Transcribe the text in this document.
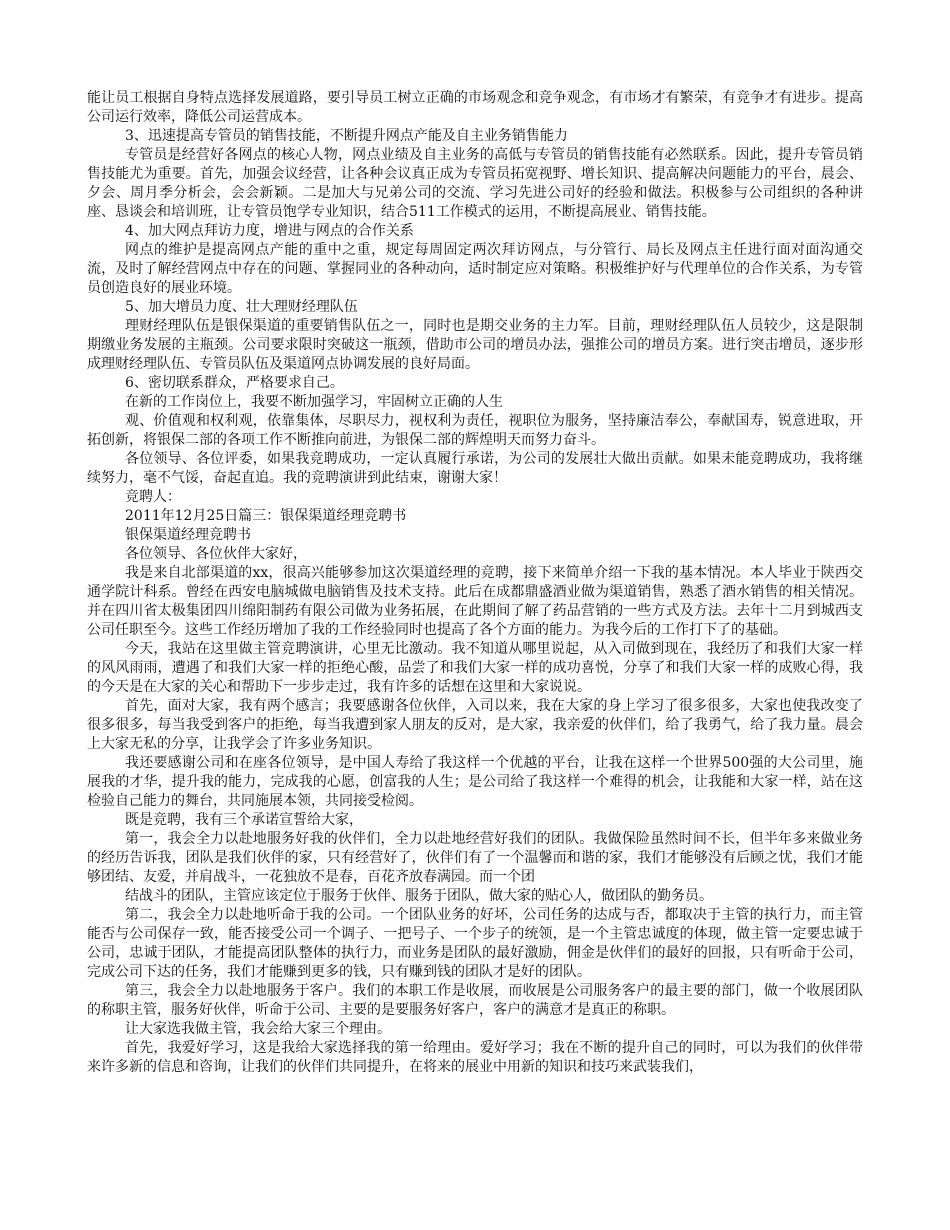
能让员工根据自身特点选择发展道路，要引导员工树立正确的市场观念和竞争观念，有市场才有繁荣，有竞争才有进步。提高公司运行效率，降低公司运营成本。

3、迅速提高专管员的销售技能，不断提升网点产能及自主业务销售能力

专管员是经营好各网点的核心人物，网点业绩及自主业务的高低与专管员的销售技能有必然联系。因此，提升专管员销售技能尤为重要。首先，加强会议经营，让各种会议真正成为专管员拓宽视野、增长知识、提高解决问题能力的平台，晨会、夕会、周月季分析会，会会新颖。二是加大与兄弟公司的交流、学习先进公司好的经验和做法。积极参与公司组织的各种讲座、恳谈会和培训班，让专管员饱学专业知识，结合511工作模式的运用，不断提高展业、销售技能。

4、加大网点拜访力度，增进与网点的合作关系

网点的维护是提高网点产能的重中之重，规定每周固定两次拜访网点，与分管行、局长及网点主任进行面对面沟通交流，及时了解经营网点中存在的问题、掌握同业的各种动向，适时制定应对策略。积极维护好与代理单位的合作关系，为专管员创造良好的展业环境。

5、加大增员力度、壮大理财经理队伍

理财经理队伍是银保渠道的重要销售队伍之一，同时也是期交业务的主力军。目前，理财经理队伍人员较少，这是限制期缴业务发展的主瓶颈。公司要求限时突破这一瓶颈，借助市公司的增员办法，强推公司的增员方案。进行突击增员，逐步形成理财经理队伍、专管员队伍及渠道网点协调发展的良好局面。

6、密切联系群众，严格要求自己。

在新的工作岗位上，我要不断加强学习，牢固树立正确的人生

观、价值观和权利观，依靠集体，尽职尽力，视权利为责任，视职位为服务，坚持廉洁奉公，奉献国寿，锐意进取，开拓创新，将银保二部的各项工作不断推向前进，为银保二部的辉煌明天而努力奋斗。

各位领导、各位评委，如果我竞聘成功，一定认真履行承诺，为公司的发展壮大做出贡献。如果未能竞聘成功，我将继续努力，毫不气馁，奋起直追。我的竞聘演讲到此结束，谢谢大家！

竞聘人：

2011年12月25日篇三：银保渠道经理竞聘书

银保渠道经理竞聘书

各位领导、各位伙伴大家好，

我是来自北部渠道的xx，很高兴能够参加这次渠道经理的竞聘，接下来简单介绍一下我的基本情况。本人毕业于陕西交通学院计科系。曾经在西安电脑城做电脑销售及技术支持。此后在成都鼎盛酒业做为渠道销售，熟悉了酒水销售的相关情况。并在四川省太极集团四川绵阳制药有限公司做为业务拓展，在此期间了解了药品营销的一些方式及方法。去年十二月到城西支公司任职至今。这些工作经历增加了我的工作经验同时也提高了各个方面的能力。为我今后的工作打下了的基础。

今天，我站在这里做主管竞聘演讲，心里无比激动。我不知道从哪里说起，从入司做到现在，我经历了和我们大家一样的风风雨雨，遭遇了和我们大家一样的拒绝心酸，品尝了和我们大家一样的成功喜悦，分享了和我们大家一样的成败心得，我的今天是在大家的关心和帮助下一步步走过，我有许多的话想在这里和大家说说。

首先，面对大家，我有两个感言；我要感谢各位伙伴，入司以来，我在大家的身上学习了很多很多，大家也使我改变了很多很多，每当我受到客户的拒绝，每当我遭到家人朋友的反对，是大家，我亲爱的伙伴们，给了我勇气，给了我力量。晨会上大家无私的分享，让我学会了许多业务知识。

我还要感谢公司和在座各位领导，是中国人寿给了我这样一个优越的平台，让我在这样一个世界500强的大公司里，施展我的才华，提升我的能力，完成我的心愿，创富我的人生；是公司给了我这样一个难得的机会，让我能和大家一样，站在这检验自己能力的舞台，共同施展本领，共同接受检阅。

既是竞聘，我有三个承诺宣誓给大家，

第一，我会全力以赴地服务好我的伙伴们，全力以赴地经营好我们的团队。我做保险虽然时间不长，但半年多来做业务的经历告诉我，团队是我们伙伴的家，只有经营好了，伙伴们有了一个温馨而和谐的家，我们才能够没有后顾之忧，我们才能够团结、友爱，并肩战斗，一花独放不是春，百花齐放春满园。而一个团

结战斗的团队，主管应该定位于服务于伙伴、服务于团队，做大家的贴心人，做团队的勤务员。

第二，我会全力以赴地听命于我的公司。一个团队业务的好坏，公司任务的达成与否，都取决于主管的执行力，而主管能否与公司保存一致，能否接受公司一个调子、一把号子、一个步子的统领，是一个主管忠诚度的体现，做主管一定要忠诚于公司，忠诚于团队，才能提高团队整体的执行力，而业务是团队的最好激励，佣金是伙伴们的最好的回报，只有听命于公司，完成公司下达的任务，我们才能赚到更多的钱，只有赚到钱的团队才是好的团队。

第三，我会全力以赴地服务于客户。我们的本职工作是收展，而收展是公司服务客户的最主要的部门，做一个收展团队的称职主管，服务好伙伴，听命于公司、主要的是要服务好客户，客户的满意才是真正的称职。

让大家选我做主管，我会给大家三个理由。

首先，我爱好学习，这是我给大家选择我的第一给理由。爱好学习；我在不断的提升自己的同时，可以为我们的伙伴带来许多新的信息和咨询，让我们的伙伴们共同提升，在将来的展业中用新的知识和技巧来武装我们，
